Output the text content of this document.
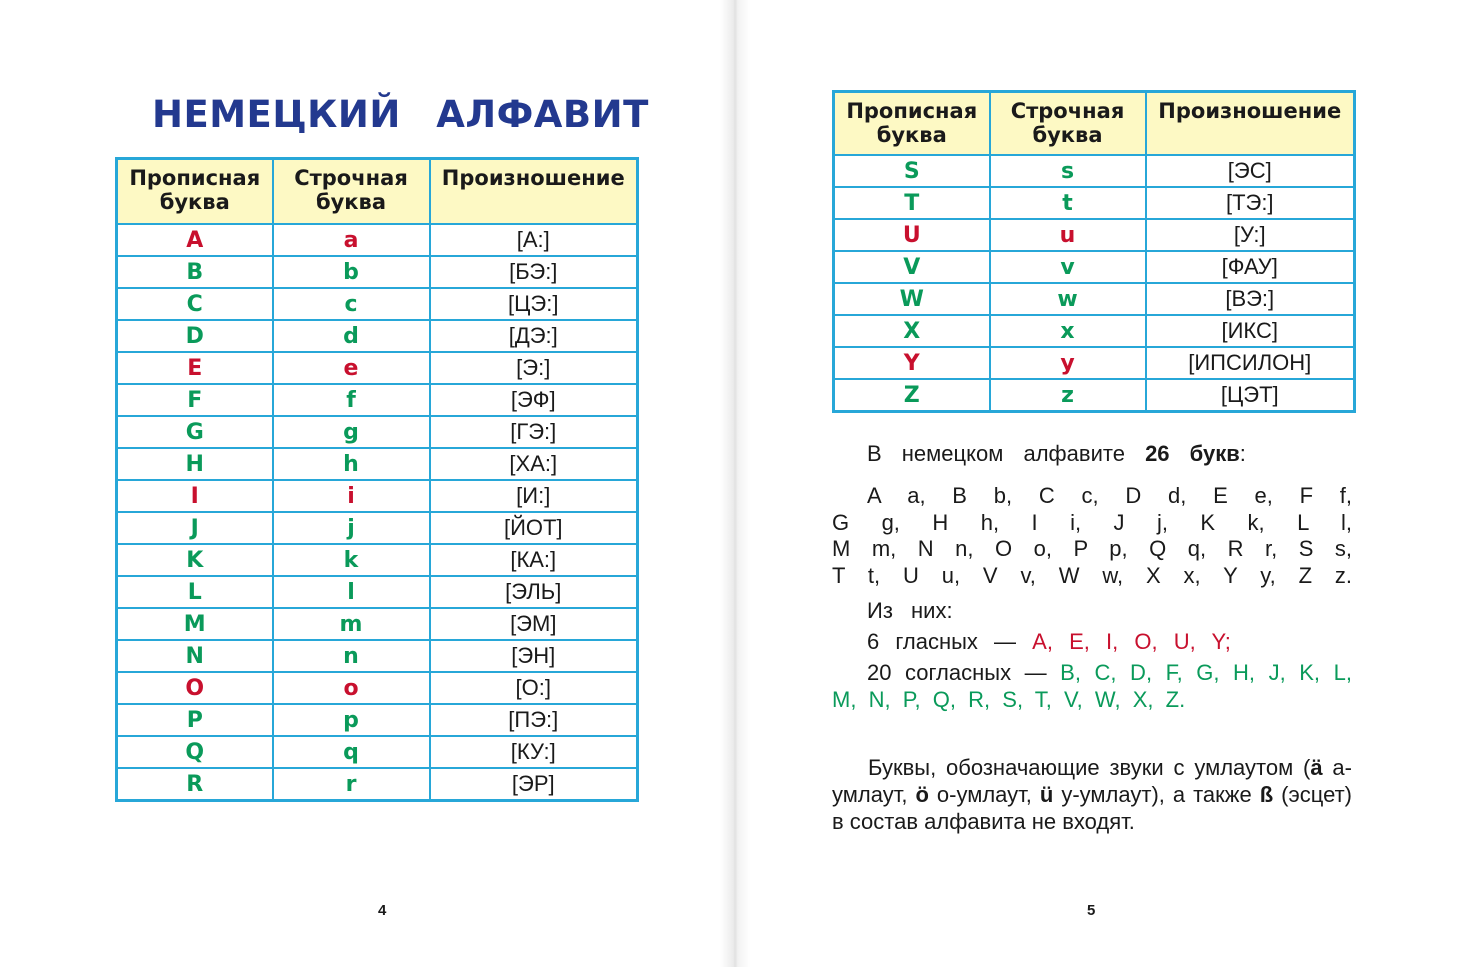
НЕМЕЦКИЙ АЛФАВИТ
4
Прописная буква	Строчная буква	Произношение
A	a	[А:]
B	b	[БЭ:]
C	c	[ЦЭ:]
D	d	[ДЭ:]
E	e	[Э:]
F	f	[ЭФ]
G	g	[ГЭ:]
H	h	[ХА:]
I	i	[И:]
J	j	[ЙОТ]
K	k	[КА:]
L	l	[ЭЛЬ]
M	m	[ЭМ]
N	n	[ЭН]
O	o	[О:]
P	p	[ПЭ:]
Q	q	[КУ:]
R	r	[ЭР]
5
Прописная буква	Строчная буква	Произношение
S	s	[ЭС]
T	t	[ТЭ:]
U	u	[У:]
V	v	[ФАУ]
W	w	[ВЭ:]
X	x	[ИКС]
Y	y	[ИПСИЛОН]
Z	z	[ЦЭТ]

В немецком алфавите 26 букв:

A a, B b, C c, D d, E e, F f,

G g, H h, I i, J j, K k, L l,

M m, N n, O o, P p, Q q, R r, S s,

T t, U u, V v, W w, X x, Y y, Z z.

Из них:

6 гласных — A, E, I, O, U, Y;

20 согласных — B, C, D, F, G, H, J, K, L, M, N, P, Q, R, S, T, V, W, X, Z.

Буквы, обозначающие звуки с умлаутом (ä а-умлаут, ö о-умлаут, ü у-умлаут), а также ß (эсцет) в состав алфавита не входят.
